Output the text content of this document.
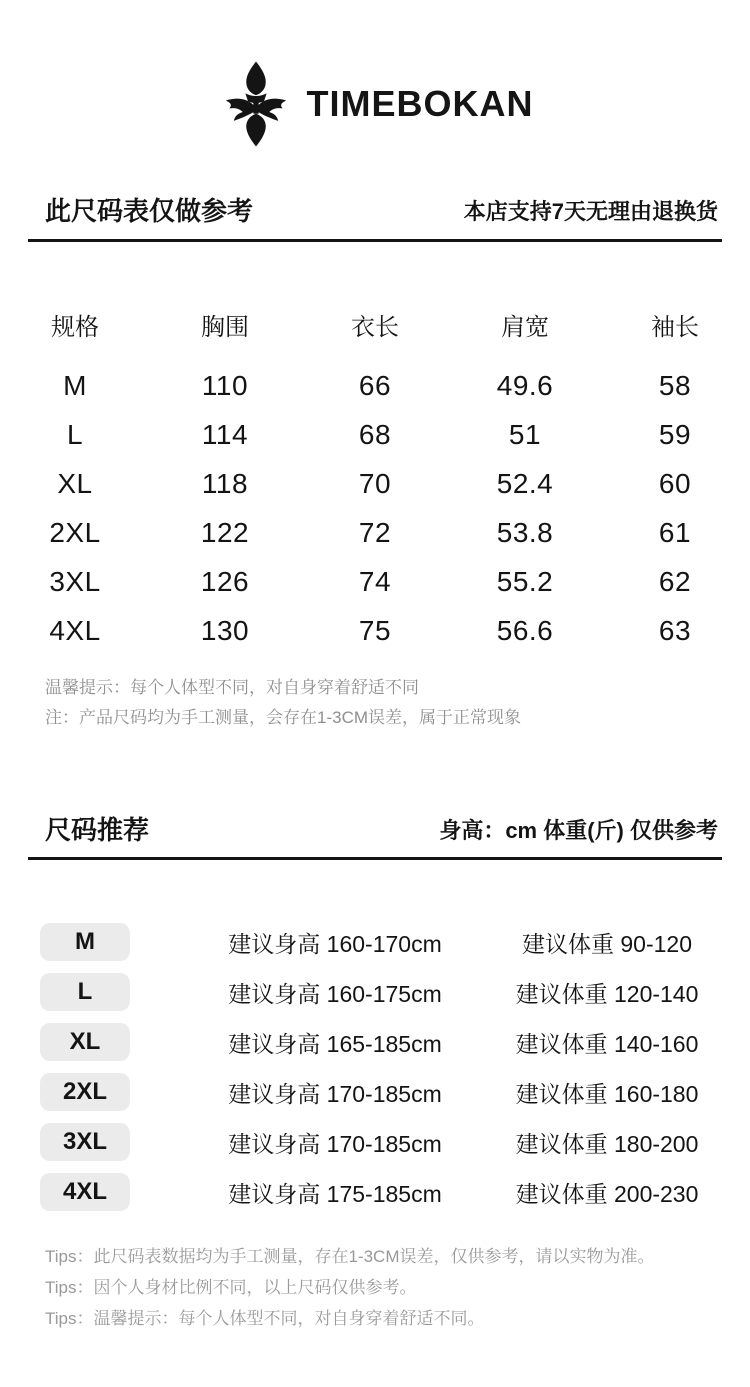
TIMEBOKAN
此尺码表仅做参考	本店支持7天无理由退换货
规格	胸围	衣长	肩宽	袖长
M	110	66	49.6	58
L	114	68	51	59
XL	118	70	52.4	60
2XL	122	72	53.8	61
3XL	126	74	55.2	62
4XL	130	75	56.6	63

温馨提示：每个人体型不同，对自身穿着舒适不同

注：产品尺码均为手工测量，会存在1-3CM误差，属于正常现象

尺码推荐	身高：cm 体重(斤) 仅供参考
M	建议身高 160-170cm	建议体重 90-120
L	建议身高 160-175cm	建议体重 120-140
XL	建议身高 165-185cm	建议体重 140-160
2XL	建议身高 170-185cm	建议体重 160-180
3XL	建议身高 170-185cm	建议体重 180-200
4XL	建议身高 175-185cm	建议体重 200-230

Tips：此尺码表数据均为手工测量，存在1-3CM误差，仅供参考，请以实物为准。

Tips：因个人身材比例不同，以上尺码仅供参考。

Tips：温馨提示：每个人体型不同，对自身穿着舒适不同。
